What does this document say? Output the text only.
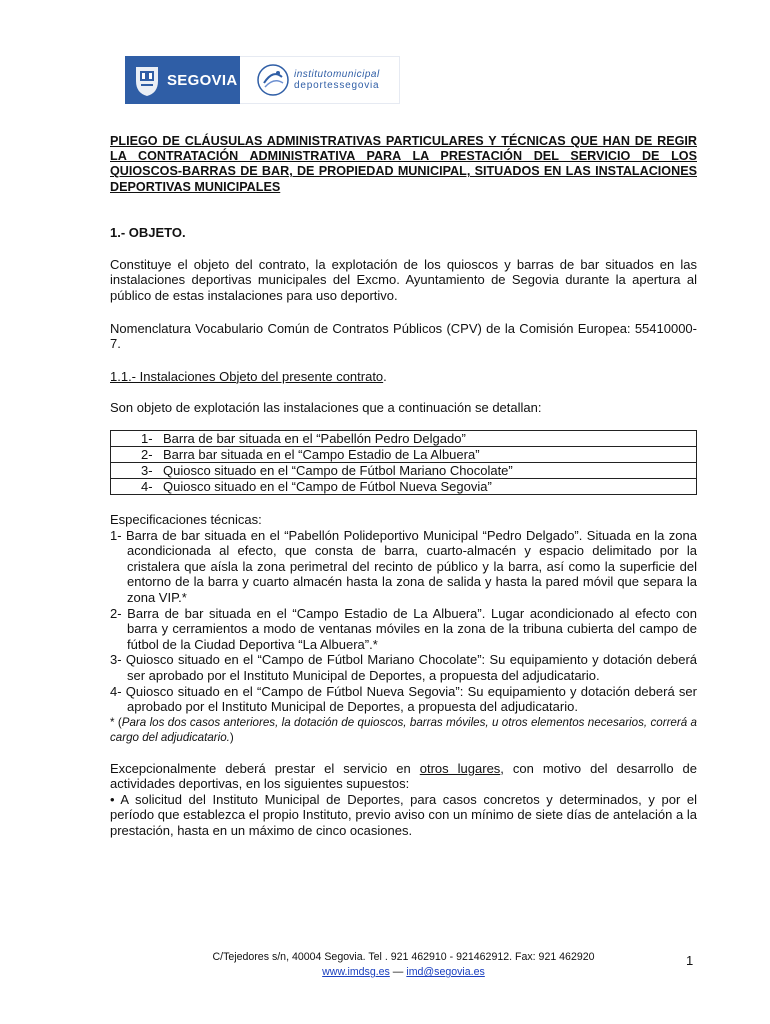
SEGOVIA	institutomunicipal
deportessegovia

PLIEGO DE CLÁUSULAS ADMINISTRATIVAS PARTICULARES Y TÉCNICAS QUE HAN DE REGIR LA CONTRATACIÓN ADMINISTRATIVA PARA LA PRESTACIÓN DEL SERVICIO DE LOS QUIOSCOS-BARRAS DE BAR, DE PROPIEDAD MUNICIPAL, SITUADOS EN LAS INSTALACIONES DEPORTIVAS MUNICIPALES

1.- OBJETO.

Constituye el objeto del contrato, la explotación de los quioscos y barras de bar situados en las instalaciones deportivas municipales del Excmo. Ayuntamiento de Segovia durante la apertura al público de estas instalaciones para uso deportivo.

Nomenclatura Vocabulario Común de Contratos Públicos (CPV) de la Comisión Europea: 55410000-7.

1.1.- Instalaciones Objeto del presente contrato.

Son objeto de explotación las instalaciones que a continuación se detallan:

1- Barra de bar situada en el “Pabellón Pedro Delgado”
2- Barra bar situada en el “Campo Estadio de La Albuera”
3- Quiosco situado en el “Campo de Fútbol Mariano Chocolate”
4- Quiosco situado en el “Campo de Fútbol Nueva Segovia”

Especificaciones técnicas:

1- Barra de bar situada en el “Pabellón Polideportivo Municipal “Pedro Delgado”. Situada en la zona acondicionada al efecto, que consta de barra, cuarto-almacén y espacio delimitado por la cristalera que aísla la zona perimetral del recinto de público y la barra, así como la superficie del entorno de la barra y cuarto almacén hasta la zona de salida y hasta la pared móvil que separa la zona VIP.*

2- Barra de bar situada en el “Campo Estadio de La Albuera”. Lugar acondicionado al efecto con barra y cerramientos a modo de ventanas móviles en la zona de la tribuna cubierta del campo de fútbol de la Ciudad Deportiva “La Albuera”.*

3- Quiosco situado en el “Campo de Fútbol Mariano Chocolate”: Su equipamiento y dotación deberá ser aprobado por el Instituto Municipal de Deportes, a propuesta del adjudicatario.

4- Quiosco situado en el “Campo de Fútbol Nueva Segovia”: Su equipamiento y dotación deberá ser aprobado por el Instituto Municipal de Deportes, a propuesta del adjudicatario.

* (Para los dos casos anteriores, la dotación de quioscos, barras móviles, u otros elementos necesarios, correrá a cargo del adjudicatario.)

Excepcionalmente deberá prestar el servicio en otros lugares, con motivo del desarrollo de actividades deportivas, en los siguientes supuestos:

• A solicitud del Instituto Municipal de Deportes, para casos concretos y determinados, y por el período que establezca el propio Instituto, previo aviso con un mínimo de siete días de antelación a la prestación, hasta en un máximo de cinco ocasiones.

C/Tejedores s/n, 40004 Segovia. Tel . 921 462910 - 921462912. Fax: 921 462920
www.imdsg.es — imd@segovia.es
1
